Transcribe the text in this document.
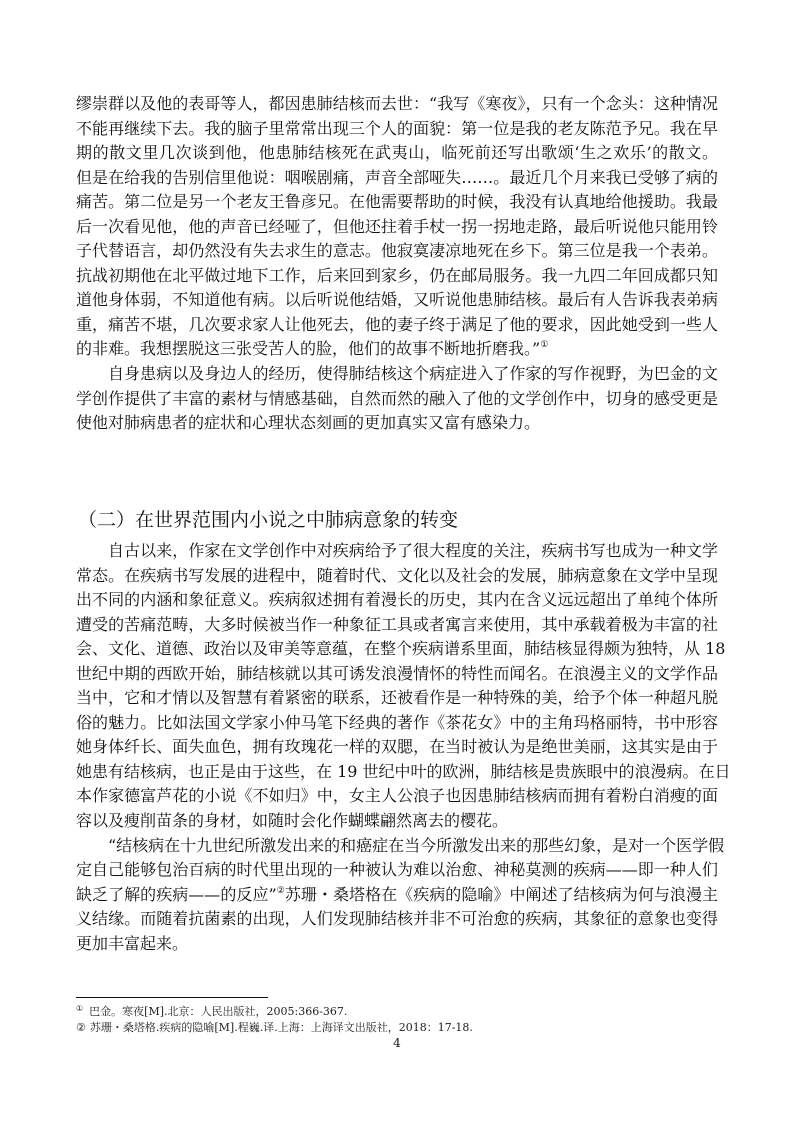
缪崇群以及他的表哥等人，都因患肺结核而去世：“我写《寒夜》，只有一个念头：这种情况
不能再继续下去。我的脑子里常常出现三个人的面貌：第一位是我的老友陈范予兄。我在早
期的散文里几次谈到他，他患肺结核死在武夷山，临死前还写出歌颂‘生之欢乐’的散文。
但是在给我的告别信里他说：咽喉剧痛，声音全部哑失……。最近几个月来我已受够了病的
痛苦。第二位是另一个老友王鲁彦兄。在他需要帮助的时候，我没有认真地给他援助。我最
后一次看见他，他的声音已经哑了，但他还拄着手杖一拐一拐地走路，最后听说他只能用铃
子代替语言，却仍然没有失去求生的意志。他寂寞凄凉地死在乡下。第三位是我一个表弟。
抗战初期他在北平做过地下工作，后来回到家乡，仍在邮局服务。我一九四二年回成都只知
道他身体弱，不知道他有病。以后听说他结婚，又听说他患肺结核。最后有人告诉我表弟病
重，痛苦不堪，几次要求家人让他死去，他的妻子终于满足了他的要求，因此她受到一些人
的非难。我想摆脱这三张受苦人的脸，他们的故事不断地折磨我。”①
自身患病以及身边人的经历，使得肺结核这个病症进入了作家的写作视野，为巴金的文
学创作提供了丰富的素材与情感基础，自然而然的融入了他的文学创作中，切身的感受更是
使他对肺病患者的症状和心理状态刻画的更加真实又富有感染力。
（二）在世界范围内小说之中肺病意象的转变
自古以来，作家在文学创作中对疾病给予了很大程度的关注，疾病书写也成为一种文学
常态。在疾病书写发展的进程中，随着时代、文化以及社会的发展，肺病意象在文学中呈现
出不同的内涵和象征意义。疾病叙述拥有着漫长的历史，其内在含义远远超出了单纯个体所
遭受的苦痛范畴，大多时候被当作一种象征工具或者寓言来使用，其中承载着极为丰富的社
会、文化、道德、政治以及审美等意蕴，在整个疾病谱系里面，肺结核显得颇为独特，从 18
世纪中期的西欧开始，肺结核就以其可诱发浪漫情怀的特性而闻名。在浪漫主义的文学作品
当中，它和才情以及智慧有着紧密的联系，还被看作是一种特殊的美，给予个体一种超凡脱
俗的魅力。比如法国文学家小仲马笔下经典的著作《茶花女》中的主角玛格丽特，书中形容
她身体纤长、面失血色，拥有玫瑰花一样的双腮，在当时被认为是绝世美丽，这其实是由于
她患有结核病，也正是由于这些，在 19 世纪中叶的欧洲，肺结核是贵族眼中的浪漫病。在日
本作家德富芦花的小说《不如归》中，女主人公浪子也因患肺结核病而拥有着粉白消瘦的面
容以及瘦削苗条的身材，如随时会化作蝴蝶翩然离去的樱花。
“结核病在十九世纪所激发出来的和癌症在当今所激发出来的那些幻象，是对一个医学假
定自己能够包治百病的时代里出现的一种被认为难以治愈、神秘莫测的疾病——即一种人们
缺乏了解的疾病——的反应”②苏珊・桑塔格在《疾病的隐喻》中阐述了结核病为何与浪漫主
义结缘。而随着抗菌素的出现，人们发现肺结核并非不可治愈的疾病，其象征的意象也变得
更加丰富起来。
① 巴金。寒夜[M].北京：人民出版社，2005:366-367.
② 苏珊・桑塔格.疾病的隐喻[M].程巍.译.上海：上海译文出版社，2018：17-18.
4
